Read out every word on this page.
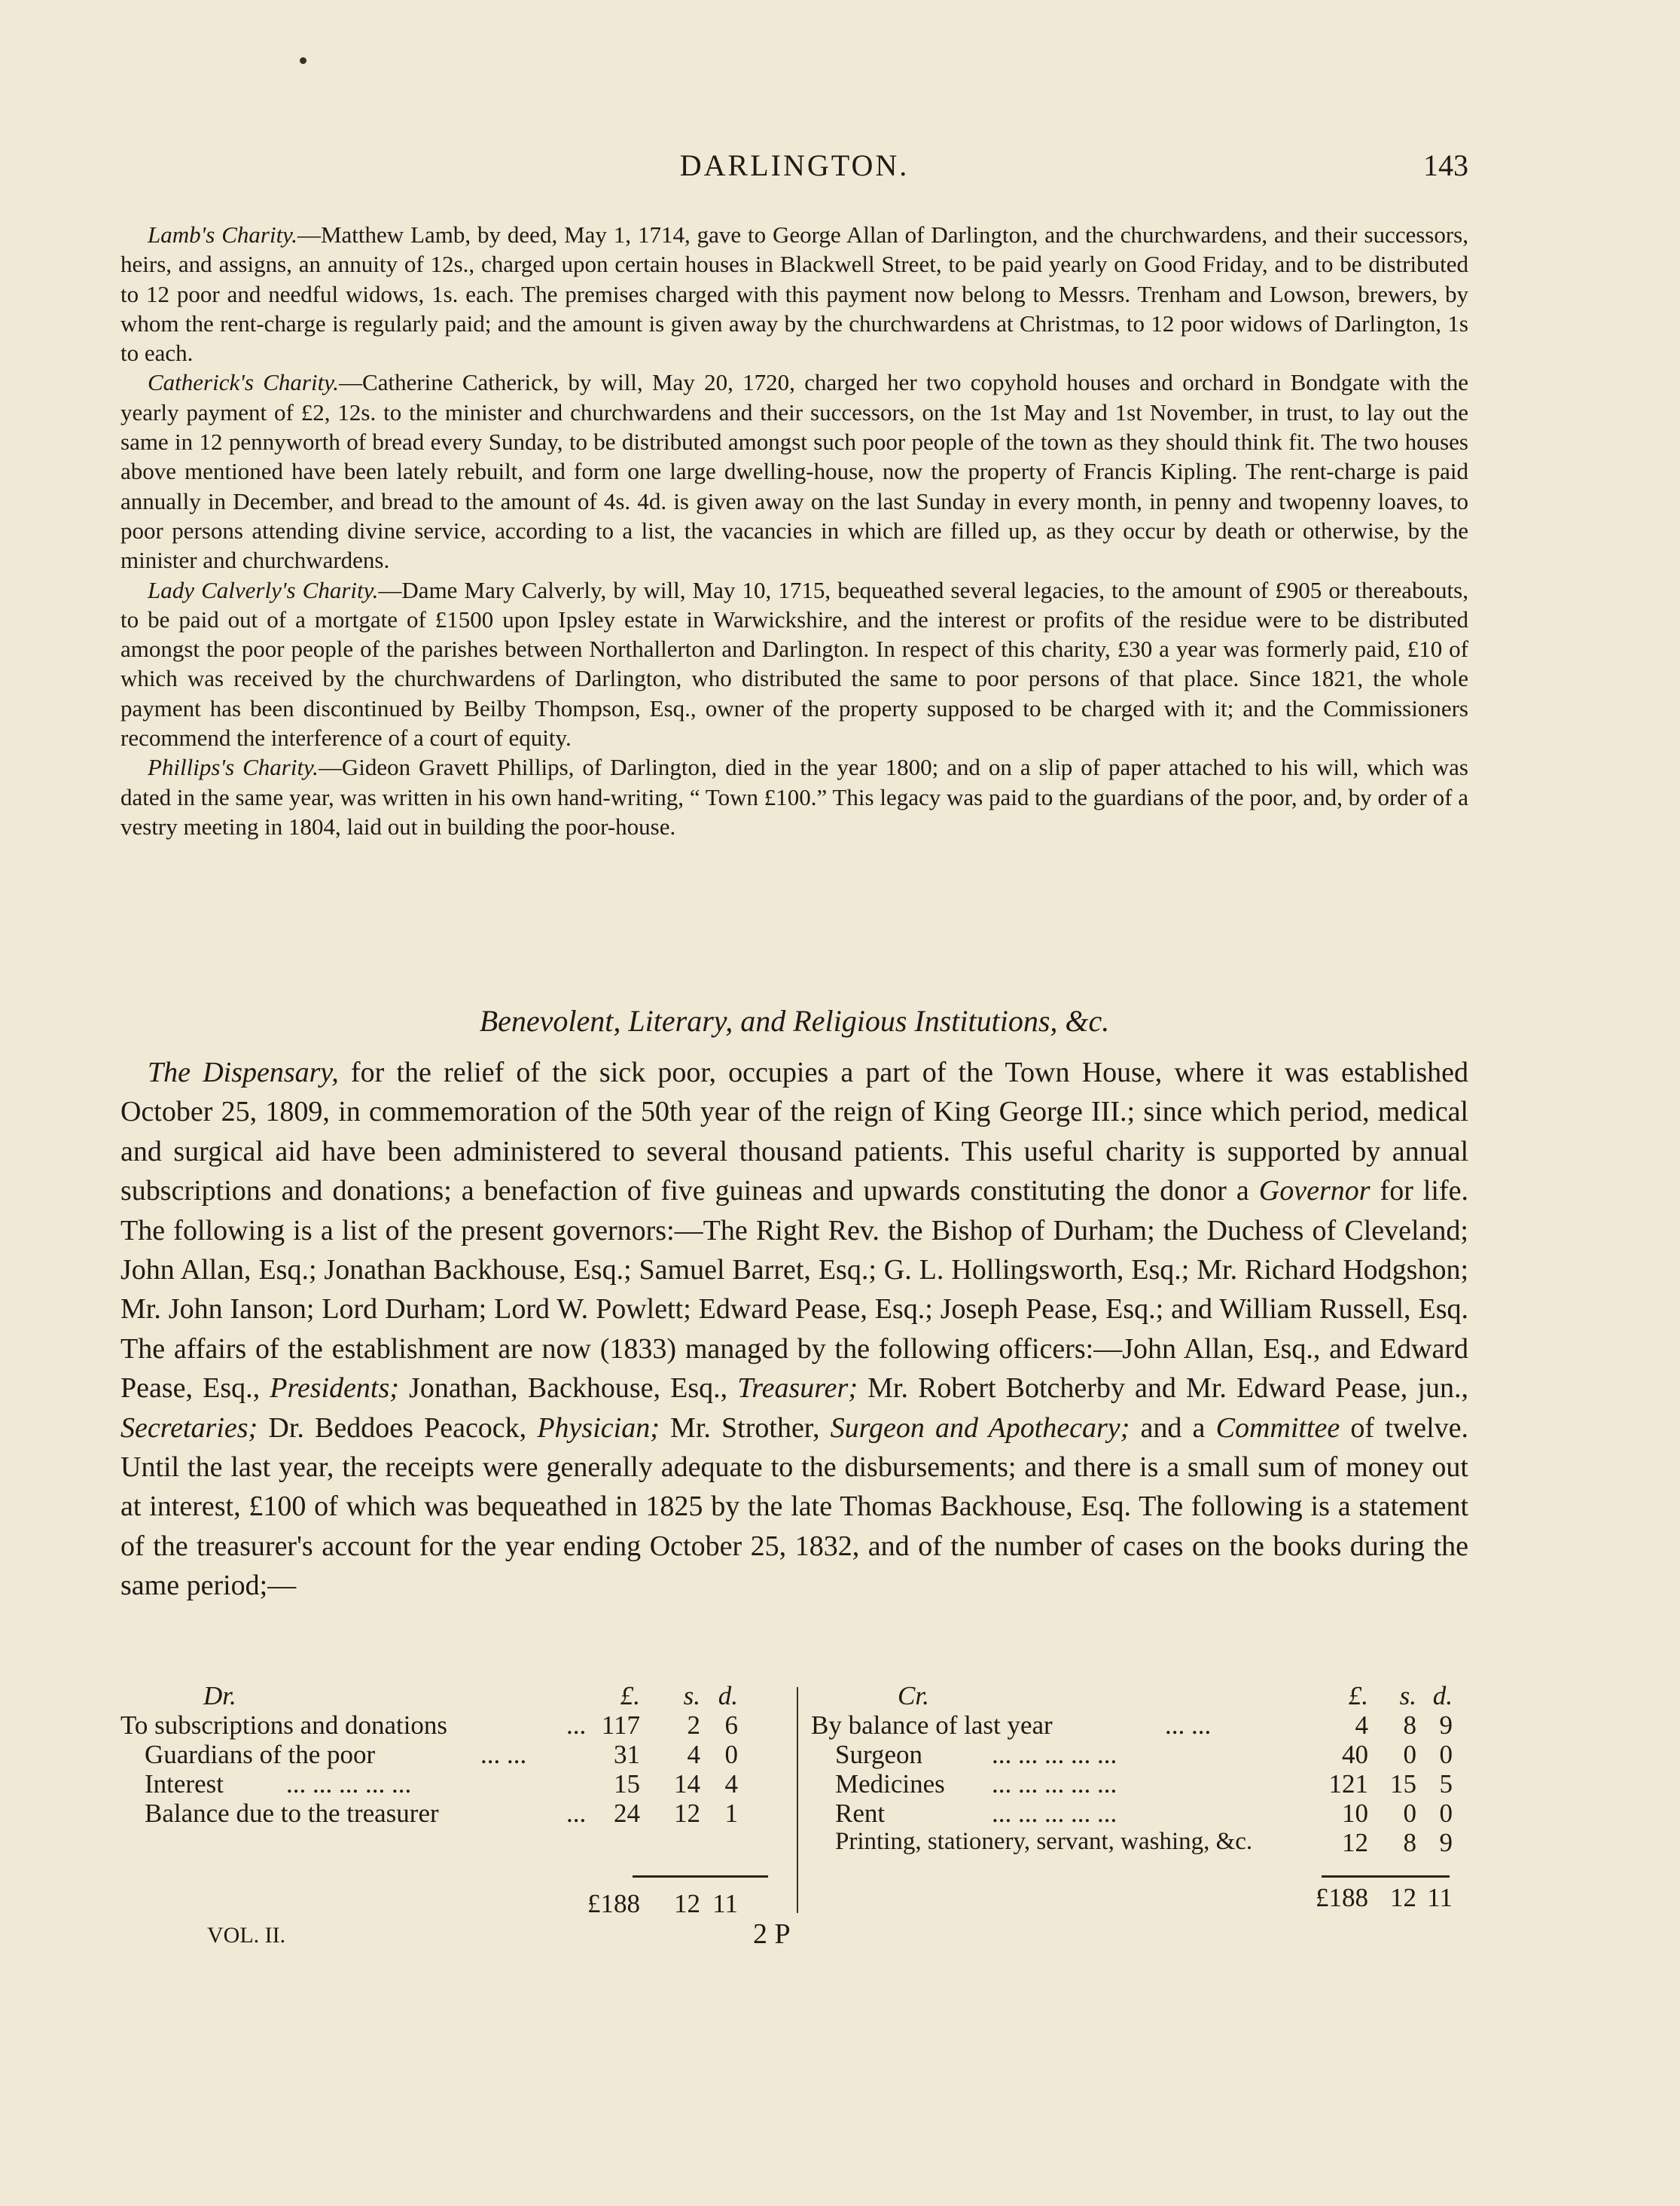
DARLINGTON.	143

Lamb's Charity.—Matthew Lamb, by deed, May 1, 1714, gave to George Allan of Darlington, and the churchwardens, and their successors, heirs, and assigns, an annuity of 12s., charged upon certain houses in Blackwell Street, to be paid yearly on Good Friday, and to be distributed to 12 poor and needful widows, 1s. each. The premises charged with this payment now belong to Messrs. Trenham and Lowson, brewers, by whom the rent-charge is regularly paid; and the amount is given away by the churchwardens at Christmas, to 12 poor widows of Darlington, 1s to each.

Catherick's Charity.—Catherine Catherick, by will, May 20, 1720, charged her two copyhold houses and orchard in Bondgate with the yearly payment of £2, 12s. to the minister and churchwardens and their successors, on the 1st May and 1st November, in trust, to lay out the same in 12 pennyworth of bread every Sunday, to be distributed amongst such poor people of the town as they should think fit. The two houses above mentioned have been lately rebuilt, and form one large dwelling-house, now the property of Francis Kipling. The rent-charge is paid annually in December, and bread to the amount of 4s. 4d. is given away on the last Sunday in every month, in penny and twopenny loaves, to poor persons attending divine service, according to a list, the vacancies in which are filled up, as they occur by death or otherwise, by the minister and churchwardens.

Lady Calverly's Charity.—Dame Mary Calverly, by will, May 10, 1715, bequeathed several legacies, to the amount of £905 or thereabouts, to be paid out of a mortgate of £1500 upon Ipsley estate in Warwickshire, and the interest or profits of the residue were to be distributed amongst the poor people of the parishes between Northallerton and Darlington. In respect of this charity, £30 a year was formerly paid, £10 of which was received by the churchwardens of Darlington, who distributed the same to poor persons of that place. Since 1821, the whole payment has been discontinued by Beilby Thompson, Esq., owner of the property supposed to be charged with it; and the Commissioners recommend the interference of a court of equity.

Phillips's Charity.—Gideon Gravett Phillips, of Darlington, died in the year 1800; and on a slip of paper attached to his will, which was dated in the same year, was written in his own hand-writing, “ Town £100.” This legacy was paid to the guardians of the poor, and, by order of a vestry meeting in 1804, laid out in building the poor-house.

Benevolent, Literary, and Religious Institutions, &c.

The Dispensary, for the relief of the sick poor, occupies a part of the Town House, where it was established October 25, 1809, in commemoration of the 50th year of the reign of King George III.; since which period, medical and surgical aid have been administered to several thousand patients. This useful charity is supported by annual subscriptions and donations; a benefaction of five guineas and upwards constituting the donor a Governor for life. The following is a list of the present governors:—The Right Rev. the Bishop of Durham; the Duchess of Cleveland; John Allan, Esq.; Jonathan Backhouse, Esq.; Samuel Barret, Esq.; G. L. Hollingsworth, Esq.; Mr. Richard Hodgshon; Mr. John Ianson; Lord Durham; Lord W. Powlett; Edward Pease, Esq.; Joseph Pease, Esq.; and William Russell, Esq. The affairs of the establishment are now (1833) managed by the following officers:—John Allan, Esq., and Edward Pease, Esq., Presidents; Jonathan, Backhouse, Esq., Treasurer; Mr. Robert Botcherby and Mr. Edward Pease, jun., Secretaries; Dr. Beddoes Peacock, Physician; Mr. Strother, Surgeon and Apothecary; and a Committee of twelve. Until the last year, the receipts were generally adequate to the disbursements; and there is a small sum of money out at interest, £100 of which was bequeathed in 1825 by the late Thomas Backhouse, Esq. The following is a statement of the treasurer's account for the year ending October 25, 1832, and of the number of cases on the books during the same period;—

Dr.	£. s. d.
To subscriptions and donations	... 117 2 6
Guardians of the poor	... ...	31 4 0
Interest ... ... ... ... ...	15 14 4
Balance due to the treasurer	... 24 12 1
£188 12 11
Cr.	£. s. d.
By balance of last year	... ...	4 8 9
Surgeon	... ... ... ... ...	40 0 0
Medicines ... ... ... ... ...	121 15 5
Rent	... ... ... ... ...	10 0 0
Printing, stationery, servant, washing, &c.	12 8 9
£188 12 11
VOL. II.	2 P
